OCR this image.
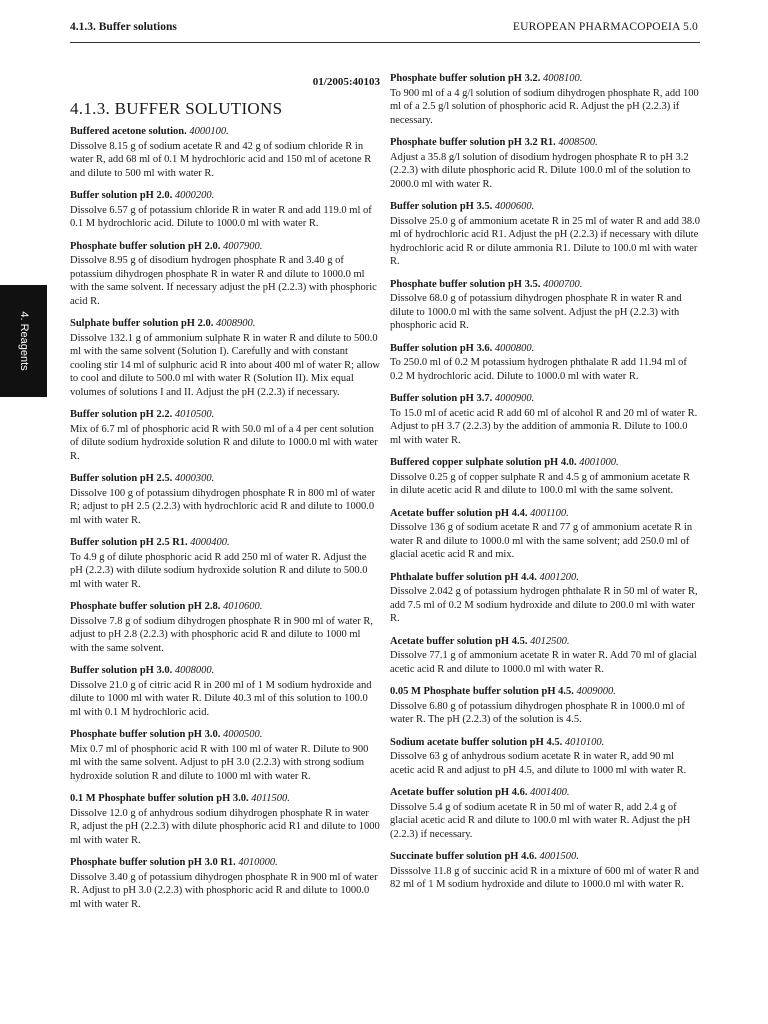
4.1.3. Buffer solutions	EUROPEAN PHARMACOPOEIA 5.0
4. Reagents
01/2005:40103
4.1.3. BUFFER SOLUTIONS
Buffered acetone solution. 4000100.
Dissolve 8.15 g of sodium acetate R and 42 g of sodium chloride R in water R, add 68 ml of 0.1 M hydrochloric acid and 150 ml of acetone R and dilute to 500 ml with water R.
Buffer solution pH 2.0. 4000200.
Dissolve 6.57 g of potassium chloride R in water R and add 119.0 ml of 0.1 M hydrochloric acid. Dilute to 1000.0 ml with water R.
Phosphate buffer solution pH 2.0. 4007900.
Dissolve 8.95 g of disodium hydrogen phosphate R and 3.40 g of potassium dihydrogen phosphate R in water R and dilute to 1000.0 ml with the same solvent. If necessary adjust the pH (2.2.3) with phosphoric acid R.
Sulphate buffer solution pH 2.0. 4008900.
Dissolve 132.1 g of ammonium sulphate R in water R and dilute to 500.0 ml with the same solvent (Solution I). Carefully and with constant cooling stir 14 ml of sulphuric acid R into about 400 ml of water R; allow to cool and dilute to 500.0 ml with water R (Solution II). Mix equal volumes of solutions I and II. Adjust the pH (2.2.3) if necessary.
Buffer solution pH 2.2. 4010500.
Mix of 6.7 ml of phosphoric acid R with 50.0 ml of a 4 per cent solution of dilute sodium hydroxide solution R and dilute to 1000.0 ml with water R.
Buffer solution pH 2.5. 4000300.
Dissolve 100 g of potassium dihydrogen phosphate R in 800 ml of water R; adjust to pH 2.5 (2.2.3) with hydrochloric acid R and dilute to 1000.0 ml with water R.
Buffer solution pH 2.5 R1. 4000400.
To 4.9 g of dilute phosphoric acid R add 250 ml of water R. Adjust the pH (2.2.3) with dilute sodium hydroxide solution R and dilute to 500.0 ml with water R.
Phosphate buffer solution pH 2.8. 4010600.
Dissolve 7.8 g of sodium dihydrogen phosphate R in 900 ml of water R, adjust to pH 2.8 (2.2.3) with phosphoric acid R and dilute to 1000 ml with the same solvent.
Buffer solution pH 3.0. 4008000.
Dissolve 21.0 g of citric acid R in 200 ml of 1 M sodium hydroxide and dilute to 1000 ml with water R. Dilute 40.3 ml of this solution to 100.0 ml with 0.1 M hydrochloric acid.
Phosphate buffer solution pH 3.0. 4000500.
Mix 0.7 ml of phosphoric acid R with 100 ml of water R. Dilute to 900 ml with the same solvent. Adjust to pH 3.0 (2.2.3) with strong sodium hydroxide solution R and dilute to 1000 ml with water R.
0.1 M Phosphate buffer solution pH 3.0. 4011500.
Dissolve 12.0 g of anhydrous sodium dihydrogen phosphate R in water R, adjust the pH (2.2.3) with dilute phosphoric acid R1 and dilute to 1000 ml with water R.
Phosphate buffer solution pH 3.0 R1. 4010000.
Dissolve 3.40 g of potassium dihydrogen phosphate R in 900 ml of water R. Adjust to pH 3.0 (2.2.3) with phosphoric acid R and dilute to 1000.0 ml with water R.
Phosphate buffer solution pH 3.2. 4008100.
To 900 ml of a 4 g/l solution of sodium dihydrogen phosphate R, add 100 ml of a 2.5 g/l solution of phosphoric acid R. Adjust the pH (2.2.3) if necessary.
Phosphate buffer solution pH 3.2 R1. 4008500.
Adjust a 35.8 g/l solution of disodium hydrogen phosphate R to pH 3.2 (2.2.3) with dilute phosphoric acid R. Dilute 100.0 ml of the solution to 2000.0 ml with water R.
Buffer solution pH 3.5. 4000600.
Dissolve 25.0 g of ammonium acetate R in 25 ml of water R and add 38.0 ml of hydrochloric acid R1. Adjust the pH (2.2.3) if necessary with dilute hydrochloric acid R or dilute ammonia R1. Dilute to 100.0 ml with water R.
Phosphate buffer solution pH 3.5. 4000700.
Dissolve 68.0 g of potassium dihydrogen phosphate R in water R and dilute to 1000.0 ml with the same solvent. Adjust the pH (2.2.3) with phosphoric acid R.
Buffer solution pH 3.6. 4000800.
To 250.0 ml of 0.2 M potassium hydrogen phthalate R add 11.94 ml of 0.2 M hydrochloric acid. Dilute to 1000.0 ml with water R.
Buffer solution pH 3.7. 4000900.
To 15.0 ml of acetic acid R add 60 ml of alcohol R and 20 ml of water R. Adjust to pH 3.7 (2.2.3) by the addition of ammonia R. Dilute to 100.0 ml with water R.
Buffered copper sulphate solution pH 4.0. 4001000.
Dissolve 0.25 g of copper sulphate R and 4.5 g of ammonium acetate R in dilute acetic acid R and dilute to 100.0 ml with the same solvent.
Acetate buffer solution pH 4.4. 4001100.
Dissolve 136 g of sodium acetate R and 77 g of ammonium acetate R in water R and dilute to 1000.0 ml with the same solvent; add 250.0 ml of glacial acetic acid R and mix.
Phthalate buffer solution pH 4.4. 4001200.
Dissolve 2.042 g of potassium hydrogen phthalate R in 50 ml of water R, add 7.5 ml of 0.2 M sodium hydroxide and dilute to 200.0 ml with water R.
Acetate buffer solution pH 4.5. 4012500.
Dissolve 77.1 g of ammonium acetate R in water R. Add 70 ml of glacial acetic acid R and dilute to 1000.0 ml with water R.
0.05 M Phosphate buffer solution pH 4.5. 4009000.
Dissolve 6.80 g of potassium dihydrogen phosphate R in 1000.0 ml of water R. The pH (2.2.3) of the solution is 4.5.
Sodium acetate buffer solution pH 4.5. 4010100.
Dissolve 63 g of anhydrous sodium acetate R in water R, add 90 ml acetic acid R and adjust to pH 4.5, and dilute to 1000 ml with water R.
Acetate buffer solution pH 4.6. 4001400.
Dissolve 5.4 g of sodium acetate R in 50 ml of water R, add 2.4 g of glacial acetic acid R and dilute to 100.0 ml with water R. Adjust the pH (2.2.3) if necessary.
Succinate buffer solution pH 4.6. 4001500.
Disssolve 11.8 g of succinic acid R in a mixture of 600 ml of water R and 82 ml of 1 M sodium hydroxide and dilute to 1000.0 ml with water R.
